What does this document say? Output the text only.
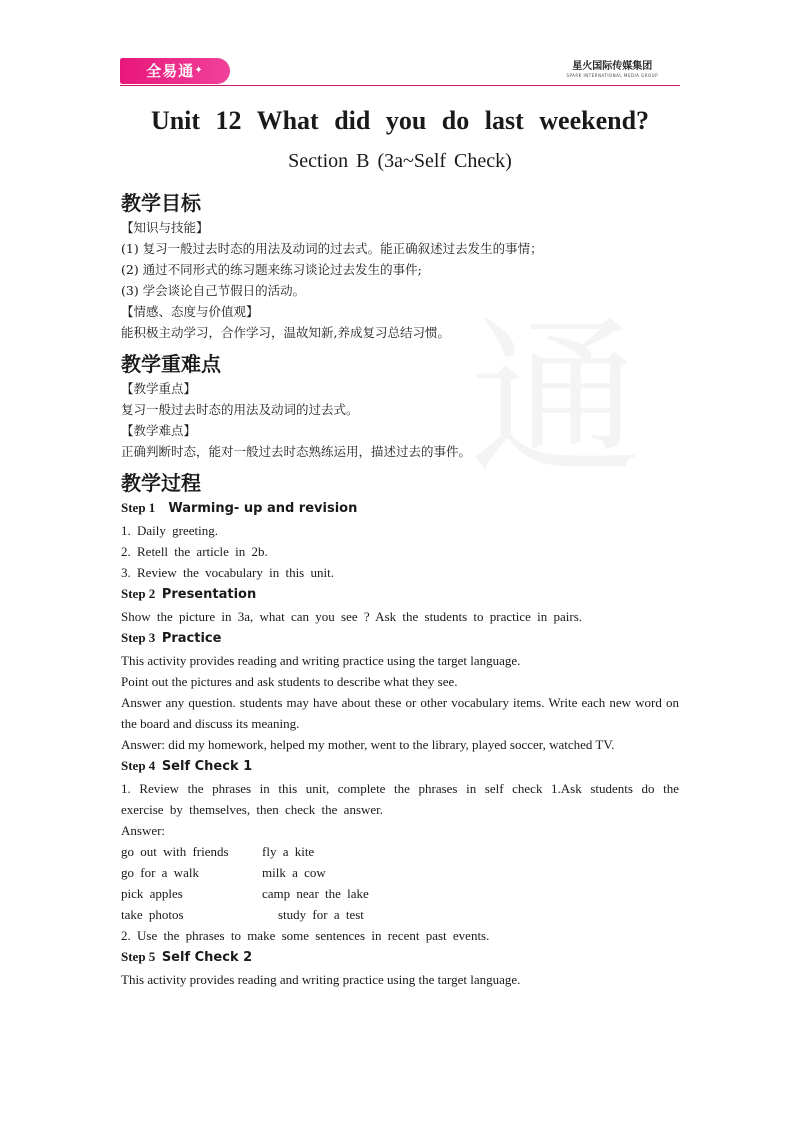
全易通✦	星火国际传媒集团
SPARK INTERNATIONAL MEDIA GROUP
Unit 12 What did you do last weekend?
Section B (3a~Self Check)
教学目标

【知识与技能】

(1) 复习一般过去时态的用法及动词的过去式。能正确叙述过去发生的事情；

(2) 通过不同形式的练习题来练习谈论过去发生的事件;

(3) 学会谈论自己节假日的活动。

【情感、态度与价值观】

能积极主动学习，合作学习，温故知新,养成复习总结习惯。

教学重难点

【教学重点】

复习一般过去时态的用法及动词的过去式。

【教学难点】

正确判断时态，能对一般过去时态熟练运用，描述过去的事件。

教学过程
Step 1 Warming- up and revision

1. Daily greeting.

2. Retell the article in 2b.

3. Review the vocabulary in this unit.

Step 2 Presentation

Show the picture in 3a, what can you see ? Ask the students to practice in pairs.

Step 3 Practice

This activity provides reading and writing practice using the target language.

Point out the pictures and ask students to describe what they see.

Answer any question. students may have about these or other vocabulary items. Write each new word on the board and discuss its meaning.

Answer: did my homework, helped my mother, went to the library, played soccer, watched TV.

Step 4 Self Check 1

1. Review the phrases in this unit, complete the phrases in self check 1.Ask students do the exercise by themselves, then check the answer.

Answer:

go out with friends	fly a kite
go for a walk	milk a cow
pick apples	camp near the lake
take photos	study for a test

2. Use the phrases to make some sentences in recent past events.

Step 5 Self Check 2

This activity provides reading and writing practice using the target language.
